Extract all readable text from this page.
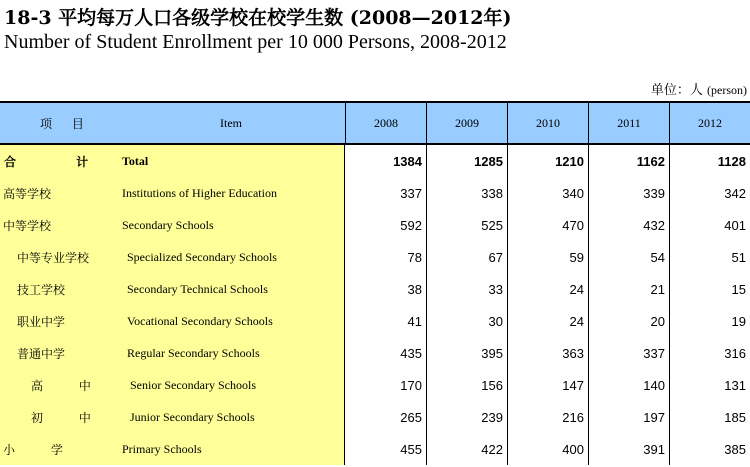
18-3 平均每万人口各级学校在校学生数 (2008—2012年)
Number of Student Enrollment per 10 000 Persons, 2008-2012
单位：人 (person)
项 目	Item	2008	2009	2010	2011	2012
合 计 Total	1384	1285	1210	1162	1128
高等学校	Institutions of Higher Education	337	338	340	339	342
中等学校	Secondary Schools	592	525	470	432	401
中等专业学校	Specialized Secondary Schools	78	67	59	54	51
技工学校	Secondary Technical Schools	38	33	24	21	15
职业中学	Vocational Secondary Schools	41	30	24	20	19
普通中学	Regular Secondary Schools	435	395	363	337	316
高 中	Senior Secondary Schools	170	156	147	140	131
初 中	Junior Secondary Schools	265	239	216	197	185
小 学	Primary Schools	455	422	400	391	385
